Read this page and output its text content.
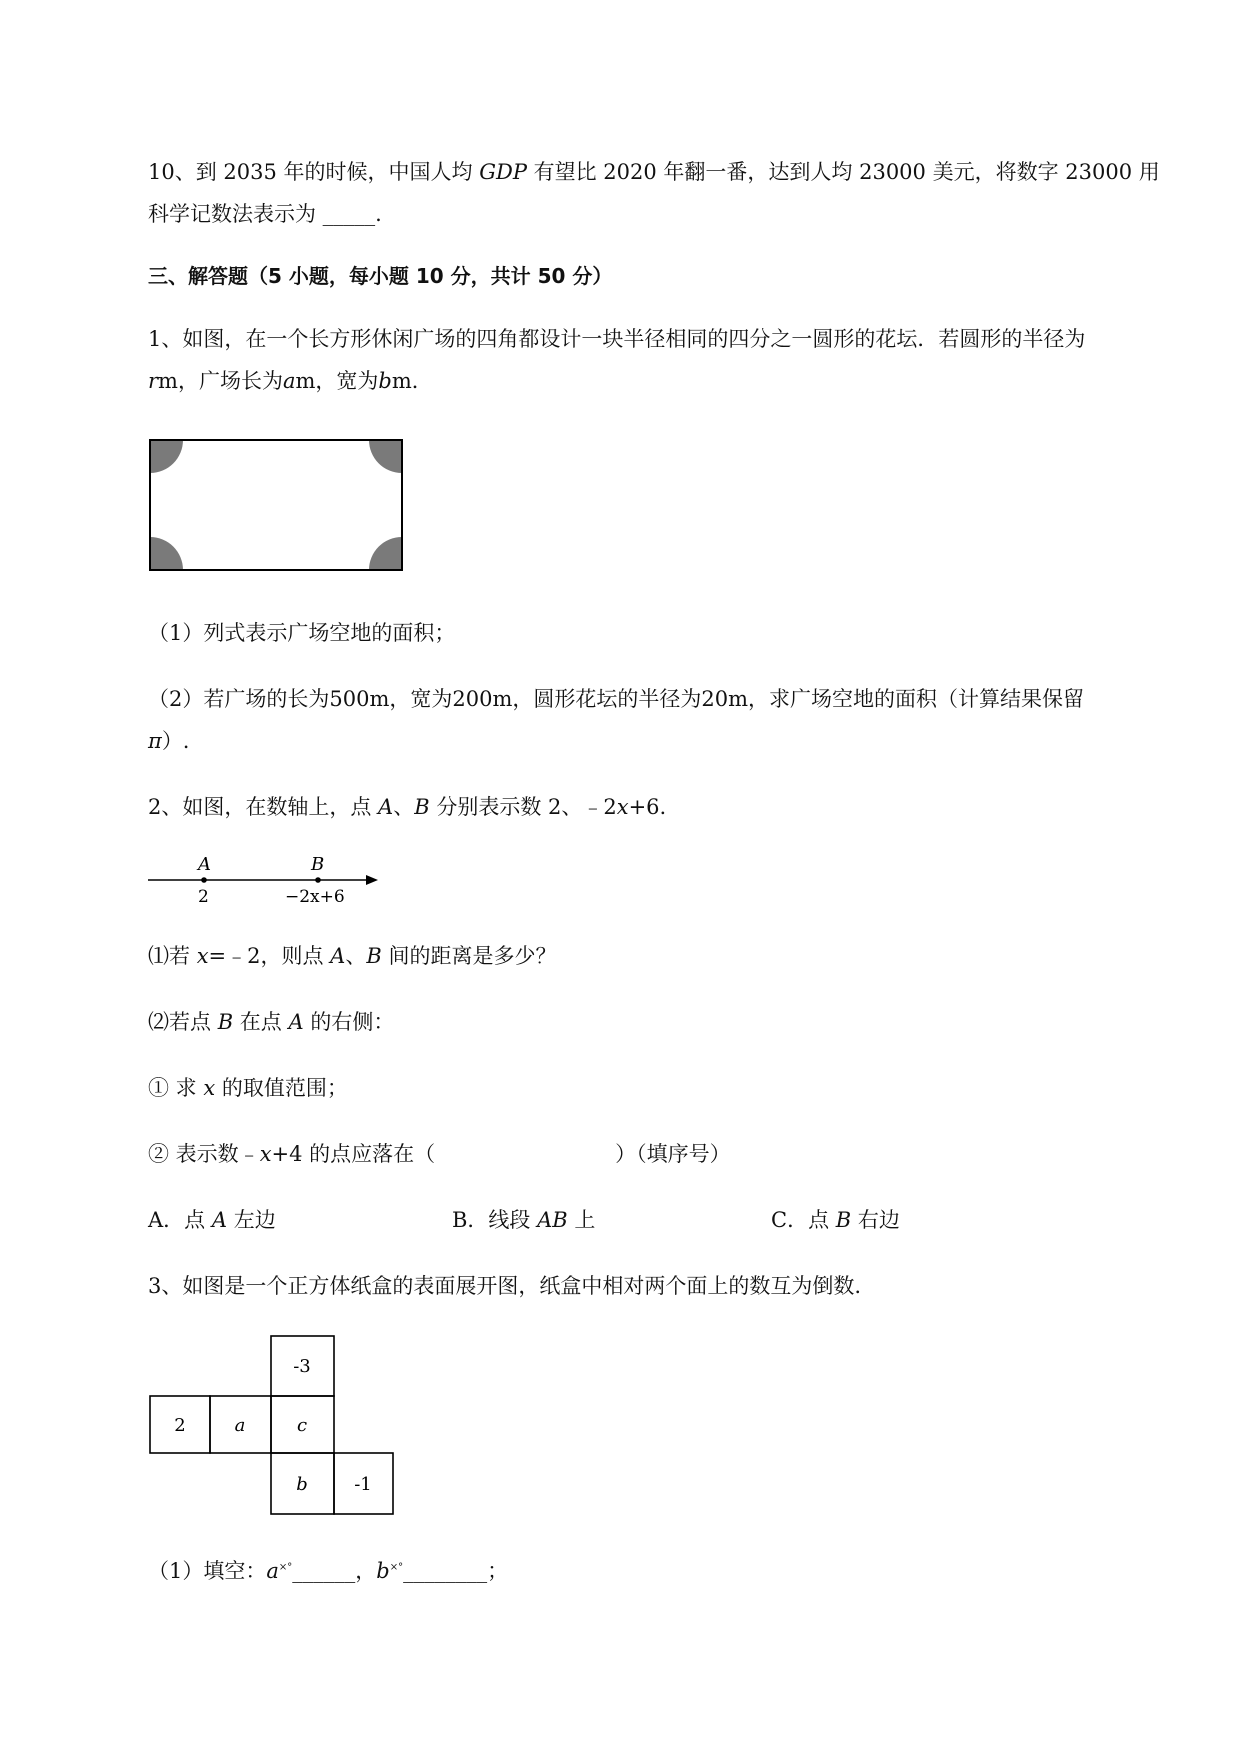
10、到 2035 年的时候，中国人均 GDP 有望比 2020 年翻一番，达到人均 23000 美元，将数字 23000 用
科学记数法表示为 _____.
三、解答题（5 小题，每小题 10 分，共计 50 分）
1、如图，在一个长方形休闲广场的四角都设计一块半径相同的四分之一圆形的花坛．若圆形的半径为
rm，广场长为am，宽为bm．
（1）列式表示广场空地的面积；
（2）若广场的长为500m，宽为200m，圆形花坛的半径为20m，求广场空地的面积（计算结果保留
π）.
2、如图，在数轴上，点 A、B 分别表示数 2、﹣2x+6.
A	B
2	−2x+6
⑴若 x=﹣2，则点 A、B 间的距离是多少？
⑵若点 B 在点 A 的右侧：
① 求 x 的取值范围；
② 表示数﹣x+4 的点应落在（	）（填序号）
A．点 A 左边	B．线段 AB 上	C．点 B 右边
3、如图是一个正方体纸盒的表面展开图，纸盒中相对两个面上的数互为倒数.
-3
2	a	c
b	-1
（1）填空：a×°______，b×°________；
